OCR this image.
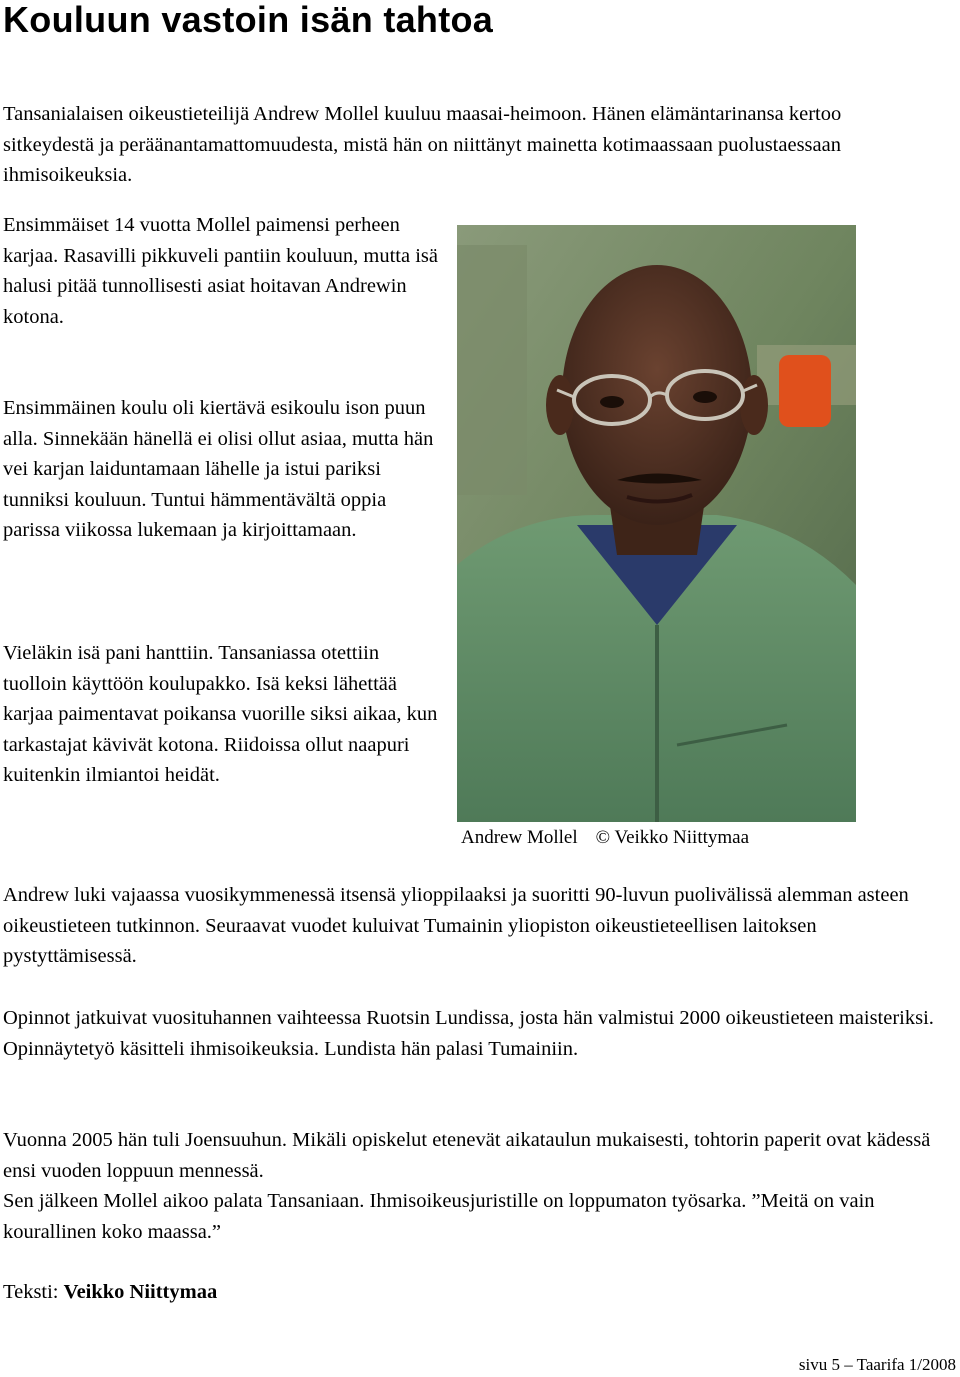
Kouluun vastoin isän tahtoa

Tansanialaisen oikeustieteilijä Andrew Mollel kuuluu maasai-heimoon. Hänen elämäntarinansa kertoo sitkeydestä ja peräänantamattomuudesta, mistä hän on niittänyt mainetta kotimaassaan puolustaessaan ihmisoikeuksia.

Ensimmäiset 14 vuotta Mollel paimensi perheen karjaa. Rasavilli pikkuveli pantiin kouluun, mutta isä halusi pitää tunnollisesti asiat hoitavan Andrewin kotona.

Ensimmäinen koulu oli kiertävä esikoulu ison puun alla. Sinnekään hänellä ei olisi ollut asiaa, mutta hän vei karjan laiduntamaan lähelle ja istui pariksi tunniksi kouluun. Tuntui hämmentävältä oppia parissa viikossa lukemaan ja kirjoittamaan.

Vieläkin isä pani hanttiin. Tansaniassa otettiin tuolloin käyttöön koulupakko. Isä keksi lähettää karjaa paimentavat poikansa vuorille siksi aikaa, kun tarkastajat kävivät kotona. Riidoissa ollut naapuri kuitenkin ilmiantoi heidät.

Andrew Mollel © Veikko Niittymaa

Andrew luki vajaassa vuosikymmenessä itsensä ylioppilaaksi ja suoritti 90-luvun puolivälissä alemman asteen oikeustieteen tutkinnon. Seuraavat vuodet kuluivat Tumainin yliopiston oikeustieteellisen laitoksen pystyttämisessä.

Opinnot jatkuivat vuosituhannen vaihteessa Ruotsin Lundissa, josta hän valmistui 2000 oikeustieteen maisteriksi. Opinnäytetyö käsitteli ihmisoikeuksia. Lundista hän palasi Tumainiin.

Vuonna 2005 hän tuli Joensuuhun. Mikäli opiskelut etenevät aikataulun mukaisesti, tohtorin paperit ovat kädessä ensi vuoden loppuun mennessä.

Sen jälkeen Mollel aikoo palata Tansaniaan. Ihmisoikeusjuristille on loppumaton työsarka. ”Meitä on vain kourallinen koko maassa.”

Teksti: Veikko Niittymaa

sivu 5 – Taarifa 1/2008
